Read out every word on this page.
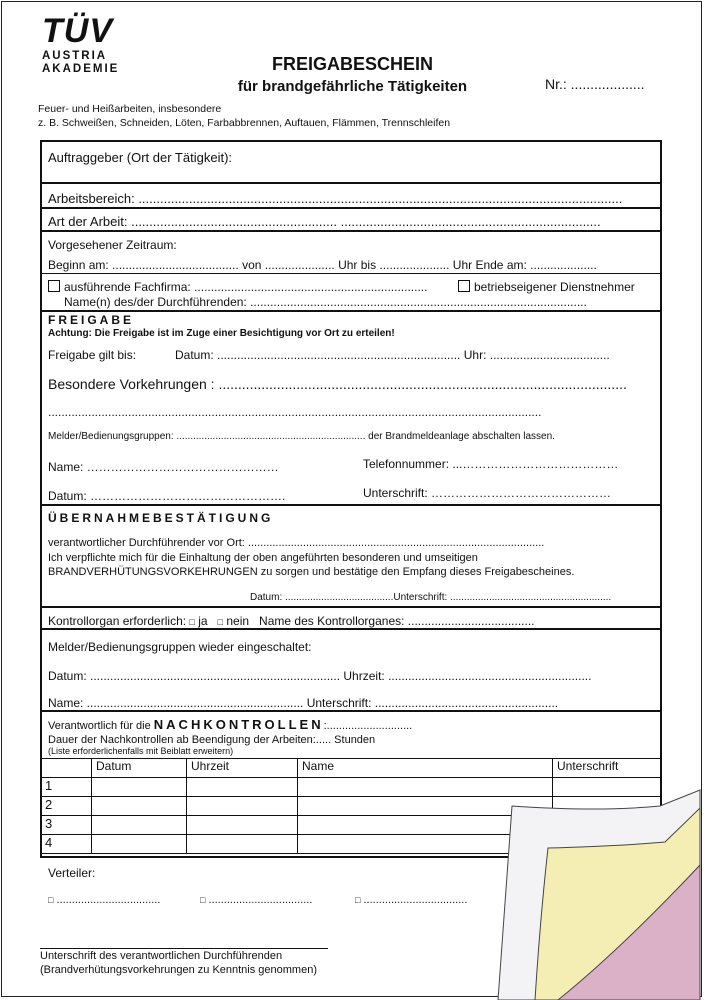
TÜV
AUSTRIA
AKADEMIE	FREIGABESCHEIN
für brandgefährliche Tätigkeiten	Nr.: ...................
Feuer- und Heißarbeiten, insbesondere
z. B. Schweißen, Schneiden, Löten, Farbabbrennen, Auftauen, Flämmen, Trennschleifen
Auftraggeber (Ort der Tätigkeit):
Arbeitsbereich: ......................................................................................................................................
Art der Arbeit: ......................................................... ........................................................................
Vorgesehener Zeitraum:
Beginn am: ...................................... von ..................... Uhr bis ..................... Uhr Ende am: ....................
ausführende Fachfirma: ......................................................................	betriebseigener Dienstnehmer
Name(n) des/der Durchführenden: .....................................................................................................
FREIGABE
Achtung: Die Freigabe ist im Zuge einer Besichtigung vor Ort zu erteilen!
Freigabe gilt bis:	Datum: ......................................................................... Uhr: ....................................
Besondere Vorkehrungen : .........................................................................................................
....................................................................................................................................................
Melder/Bedienungsgruppen: .................................................................... der Brandmeldeanlage abschalten lassen.
Name: …………………………………………	Telefonnummer: ...…………………………………
Datum: ………………………………………….	Unterschrift: ………………………………………
ÜBERNAHMEBESTÄTIGUNG
verantwortlicher Durchführender vor Ort: .................................................................................................
Ich verpflichte mich für die Einhaltung der oben angeführten besonderen und umseitigen
BRANDVERHÜTUNGSVORKEHRUNGEN zu sorgen und bestätige den Empfang dieses Freigabescheines.
Datum: .......................................Unterschrift: ..........................................................
Kontrollorgan erforderlich: □ ja □ nein Name des Kontrollorganes: ......................................
Melder/Bedienungsgruppen wieder eingeschaltet:
Datum: ........................................................................... Uhrzeit: .............................................................
Name: ................................................................. Unterschrift: .......................................................
Verantwortlich für die NACHKONTROLLEN:............................
Dauer der Nachkontrollen ab Beendigung der Arbeiten:..... Stunden
(Liste erforderlichenfalls mit Beiblatt erweitern)
	Datum	Uhrzeit	Name	Unterschrift
1				
2				
3				
4				
Verteiler:
□ ..................................	□ ..................................	□ ..................................
Unterschrift des verantwortlichen Durchführenden
(Brandverhütungsvorkehrungen zu Kenntnis genommen)
